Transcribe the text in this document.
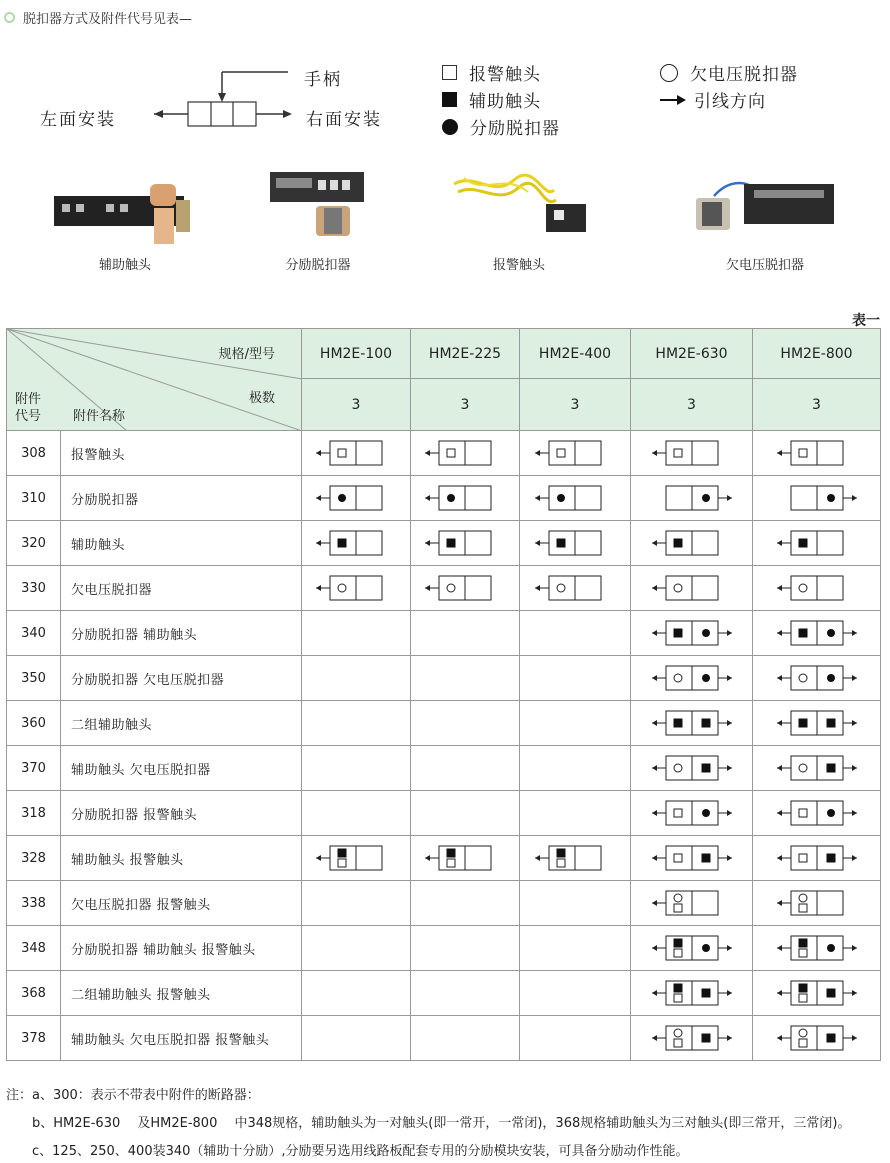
脱扣器方式及附件代号见表—
手柄
左面安装	右面安装
报警触头
辅助触头
分励脱扣器
欠电压脱扣器
引线方向
辅助触头	分励脱扣器	报警触头	欠电压脱扣器
表一
规格/型号
极数
附件代号 附件名称		HM2E-100	HM2E-225	HM2E-400	HM2E-630	HM2E-800
		3	3	3	3	3
308	报警触头	

310	分励脱扣器	

320	辅助触头	

330	欠电压脱扣器	

340	分励脱扣器 辅助触头	

350	分励脱扣器 欠电压脱扣器	

360	二组辅助触头	

370	辅助触头 欠电压脱扣器	

318	分励脱扣器 报警触头	

328	辅助触头 报警触头	

338	欠电压脱扣器 报警触头	

348	分励脱扣器 辅助触头 报警触头	

368	二组辅助触头 报警触头	

378	辅助触头 欠电压脱扣器 报警触头	

注：a、300：表示不带表中附件的断路器：
b、HM2E-630　 及HM2E-800　 中348规格，辅助触头为一对触头(即一常开，一常闭)，368规格辅助触头为三对触头(即三常开，三常闭)。
c、125、250、400装340（辅助十分励）,分励要另选用线路板配套专用的分励模块安装，可具备分励动作性能。
